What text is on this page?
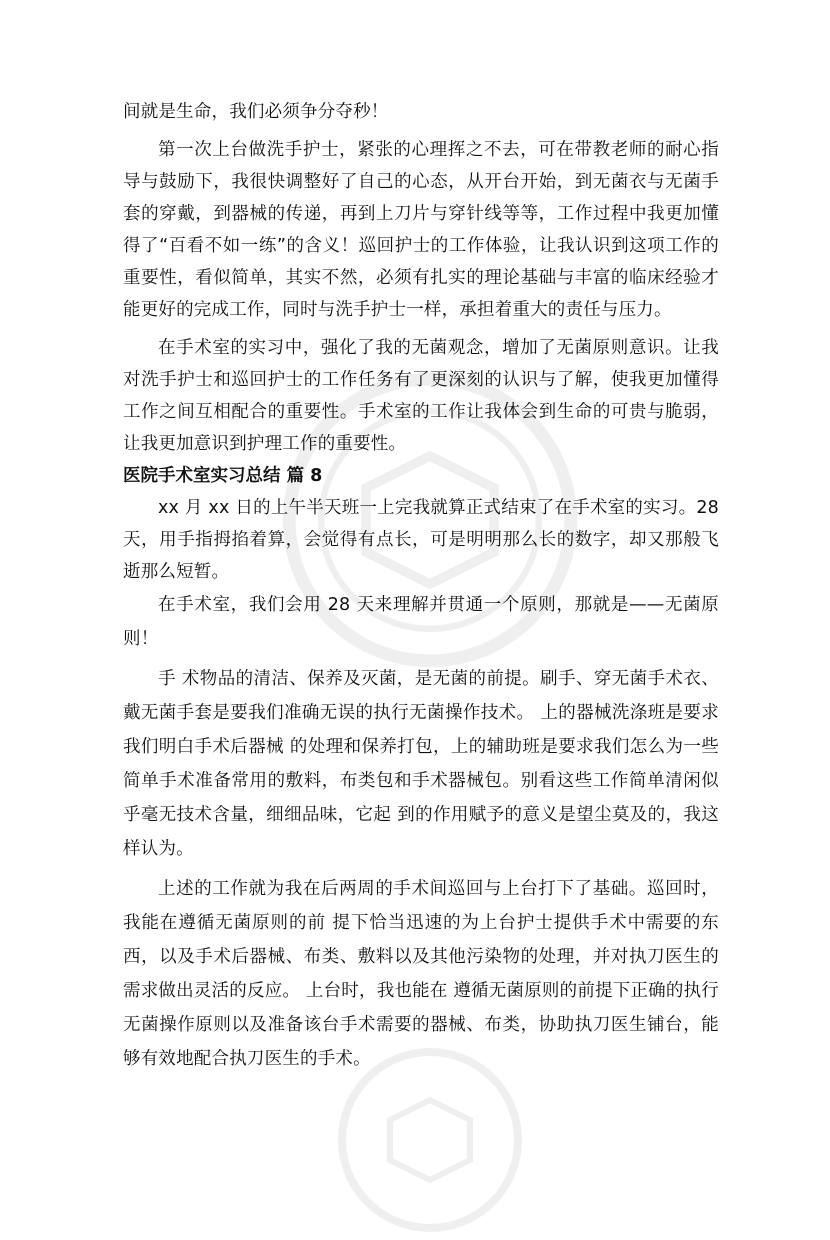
间就是生命，我们必须争分夺秒！

第一次上台做洗手护士，紧张的心理挥之不去，可在带教老师的耐心指导与鼓励下，我很快调整好了自己的心态，从开台开始，到无菌衣与无菌手套的穿戴，到器械的传递，再到上刀片与穿针线等等，工作过程中我更加懂得了“百看不如一练”的含义！巡回护士的工作体验，让我认识到这项工作的重要性，看似简单，其实不然，必须有扎实的理论基础与丰富的临床经验才能更好的完成工作，同时与洗手护士一样，承担着重大的责任与压力。

在手术室的实习中，强化了我的无菌观念，增加了无菌原则意识。让我对洗手护士和巡回护士的工作任务有了更深刻的认识与了解，使我更加懂得工作之间互相配合的重要性。手术室的工作让我体会到生命的可贵与脆弱，让我更加意识到护理工作的重要性。

医院手术室实习总结 篇 8

xx 月 xx 日的上午半天班一上完我就算正式结束了在手术室的实习。28 天，用手指拇掐着算，会觉得有点长，可是明明那么长的数字，却又那般飞逝那么短暂。

在手术室，我们会用 28 天来理解并贯通一个原则，那就是——无菌原则！

手 术物品的清洁、保养及灭菌，是无菌的前提。刷手、穿无菌手术衣、戴无菌手套是要我们准确无误的执行无菌操作技术。 上的器械洗涤班是要求我们明白手术后器械 的处理和保养打包，上的辅助班是要求我们怎么为一些简单手术准备常用的敷料，布类包和手术器械包。别看这些工作简单清闲似乎毫无技术含量，细细品味，它起 到的作用赋予的意义是望尘莫及的，我这样认为。

上述的工作就为我在后两周的手术间巡回与上台打下了基础。巡回时，我能在遵循无菌原则的前 提下恰当迅速的为上台护士提供手术中需要的东西，以及手术后器械、布类、敷料以及其他污染物的处理，并对执刀医生的需求做出灵活的反应。 上台时，我也能在 遵循无菌原则的前提下正确的执行无菌操作原则以及准备该台手术需要的器械、布类，协助执刀医生铺台，能够有效地配合执刀医生的手术。
